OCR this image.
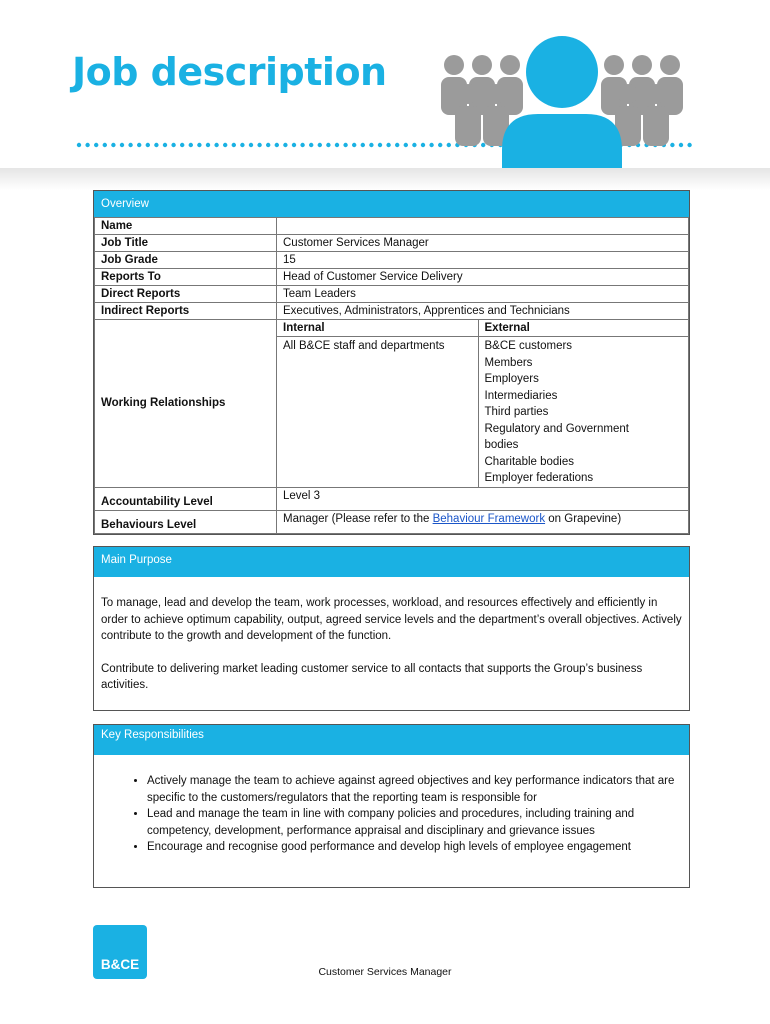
Job description
Overview
Name	
Job Title	Customer Services Manager
Job Grade	15
Reports To	Head of Customer Service Delivery
Direct Reports	Team Leaders
Indirect Reports	Executives, Administrators, Apprentices and Technicians
Working Relationships	
Internal	External
All B&CE staff and departments	B&CE customers
Members
Employers
Intermediaries
Third parties
Regulatory and Government
bodies
Charitable bodies
Employer federations

Accountability Level	Level 3
Behaviours Level	Manager (Please refer to the Behaviour Framework on Grapevine)
Main Purpose

To manage, lead and develop the team, work processes, workload, and resources effectively and efficiently in order to achieve optimum capability, output, agreed service levels and the department’s overall objectives. Actively contribute to the growth and development of the function.

Contribute to delivering market leading customer service to all contacts that supports the Group’s business activities.

Key Responsibilities
• Actively manage the team to achieve against agreed objectives and key performance indicators that are specific to the customers/regulators that the reporting team is responsible for
• Lead and manage the team in line with company policies and procedures, including training and competency, development, performance appraisal and disciplinary and grievance issues
• Encourage and recognise good performance and develop high levels of employee engagement
B&CE	Customer Services Manager
